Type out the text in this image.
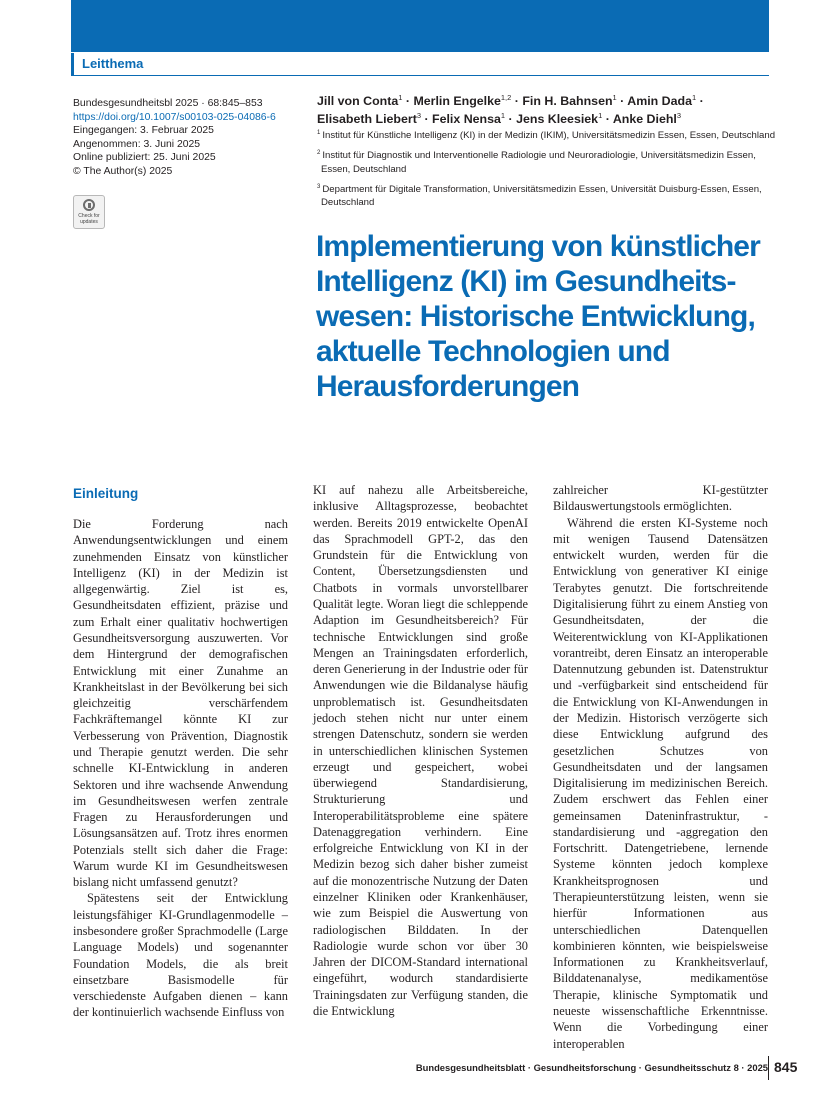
Leitthema
Bundesgesundheitsbl 2025 · 68:845–853
https://doi.org/10.1007/s00103-025-04086-6
Eingegangen: 3. Februar 2025
Angenommen: 3. Juni 2025
Online publiziert: 25. Juni 2025
© The Author(s) 2025
Check for updates
Jill von Conta$^1$ · Merlin Engelke$^{1,2}$ · Fin H. Bahnsen$^1$ · Amin Dada$^1$ ·
Elisabeth Liebert$^3$ · Felix Nensa$^1$ · Jens Kleesiek$^1$ · Anke Diehl$^3$
$^1$ Institut für Künstliche Intelligenz (KI) in der Medizin (IKIM), Universitätsmedizin Essen, Essen, Deutschland
$^2$ Institut für Diagnostik und Interventionelle Radiologie und Neuroradiologie, Universitätsmedizin Essen, Essen, Deutschland
$^3$ Department für Digitale Transformation, Universitätsmedizin Essen, Universität Duisburg-Essen, Essen, Deutschland
Implementierung von künstlicher Intelligenz (KI) im Gesundheits-wesen: Historische Entwicklung, aktuelle Technologien und Herausforderungen
Einleitung

Die Forderung nach Anwendungsentwicklungen und einem zunehmenden Einsatz von künstlicher Intelligenz (KI) in der Medizin ist allgegenwärtig. Ziel ist es, Gesundheitsdaten effizient, präzise und zum Erhalt einer qualitativ hochwertigen Gesundheitsversorgung auszuwerten. Vor dem Hintergrund der demografischen Entwicklung mit einer Zunahme an Krankheitslast in der Bevölkerung bei sich gleichzeitig verschärfendem Fachkräftemangel könnte KI zur Verbesserung von Prävention, Diagnostik und Therapie genutzt werden. Die sehr schnelle KI-Entwicklung in anderen Sektoren und ihre wachsende Anwendung im Gesundheitswesen werfen zentrale Fragen zu Herausforderungen und Lösungsansätzen auf. Trotz ihres enormen Potenzials stellt sich daher die Frage: Warum wurde KI im Gesundheitswesen bislang nicht umfassend genutzt?

Spätestens seit der Entwicklung leistungsfähiger KI-Grundlagenmodelle – insbesondere großer Sprachmodelle (Large Language Models) und sogenannter Foundation Models, die als breit einsetzbare Basismodelle für verschiedenste Aufgaben dienen – kann der kontinuierlich wachsende Einfluss von

KI auf nahezu alle Arbeitsbereiche, inklusive Alltagsprozesse, beobachtet werden. Bereits 2019 entwickelte OpenAI das Sprachmodell GPT-2, das den Grundstein für die Entwicklung von Content, Übersetzungsdiensten und Chatbots in vormals unvorstellbarer Qualität legte. Woran liegt die schleppende Adaption im Gesundheitsbereich? Für technische Entwicklungen sind große Mengen an Trainingsdaten erforderlich, deren Generierung in der Industrie oder für Anwendungen wie die Bildanalyse häufig unproblematisch ist. Gesundheitsdaten jedoch stehen nicht nur unter einem strengen Datenschutz, sondern sie werden in unterschiedlichen klinischen Systemen erzeugt und gespeichert, wobei überwiegend Standardisierung, Strukturierung und Interoperabilitätsprobleme eine spätere Datenaggregation verhindern. Eine erfolgreiche Entwicklung von KI in der Medizin bezog sich daher bisher zumeist auf die monozentrische Nutzung der Daten einzelner Kliniken oder Krankenhäuser, wie zum Beispiel die Auswertung von radiologischen Bilddaten. In der Radiologie wurde schon vor über 30 Jahren der DICOM-Standard international eingeführt, wodurch standardisierte Trainingsdaten zur Verfügung standen, die die Entwicklung

zahlreicher KI-gestützter Bildauswertungstools ermöglichten.

Während die ersten KI-Systeme noch mit wenigen Tausend Datensätzen entwickelt wurden, werden für die Entwicklung von generativer KI einige Terabytes genutzt. Die fortschreitende Digitalisierung führt zu einem Anstieg von Gesundheitsdaten, der die Weiterentwicklung von KI-Applikationen vorantreibt, deren Einsatz an interoperable Datennutzung gebunden ist. Datenstruktur und -verfügbarkeit sind entscheidend für die Entwicklung von KI-Anwendungen in der Medizin. Historisch verzögerte sich diese Entwicklung aufgrund des gesetzlichen Schutzes von Gesundheitsdaten und der langsamen Digitalisierung im medizinischen Bereich. Zudem erschwert das Fehlen einer gemeinsamen Dateninfrastruktur, -standardisierung und -aggregation den Fortschritt. Datengetriebene, lernende Systeme könnten jedoch komplexe Krankheitsprognosen und Therapieunterstützung leisten, wenn sie hierfür Informationen aus unterschiedlichen Datenquellen kombinieren könnten, wie beispielsweise Informationen zu Krankheitsverlauf, Bilddatenanalyse, medikamentöse Therapie, klinische Symptomatik und neueste wissenschaftliche Erkenntnisse. Wenn die Vorbedingung einer interoperablen

Bundesgesundheitsblatt · Gesundheitsforschung · Gesundheitsschutz 8 · 2025 845
